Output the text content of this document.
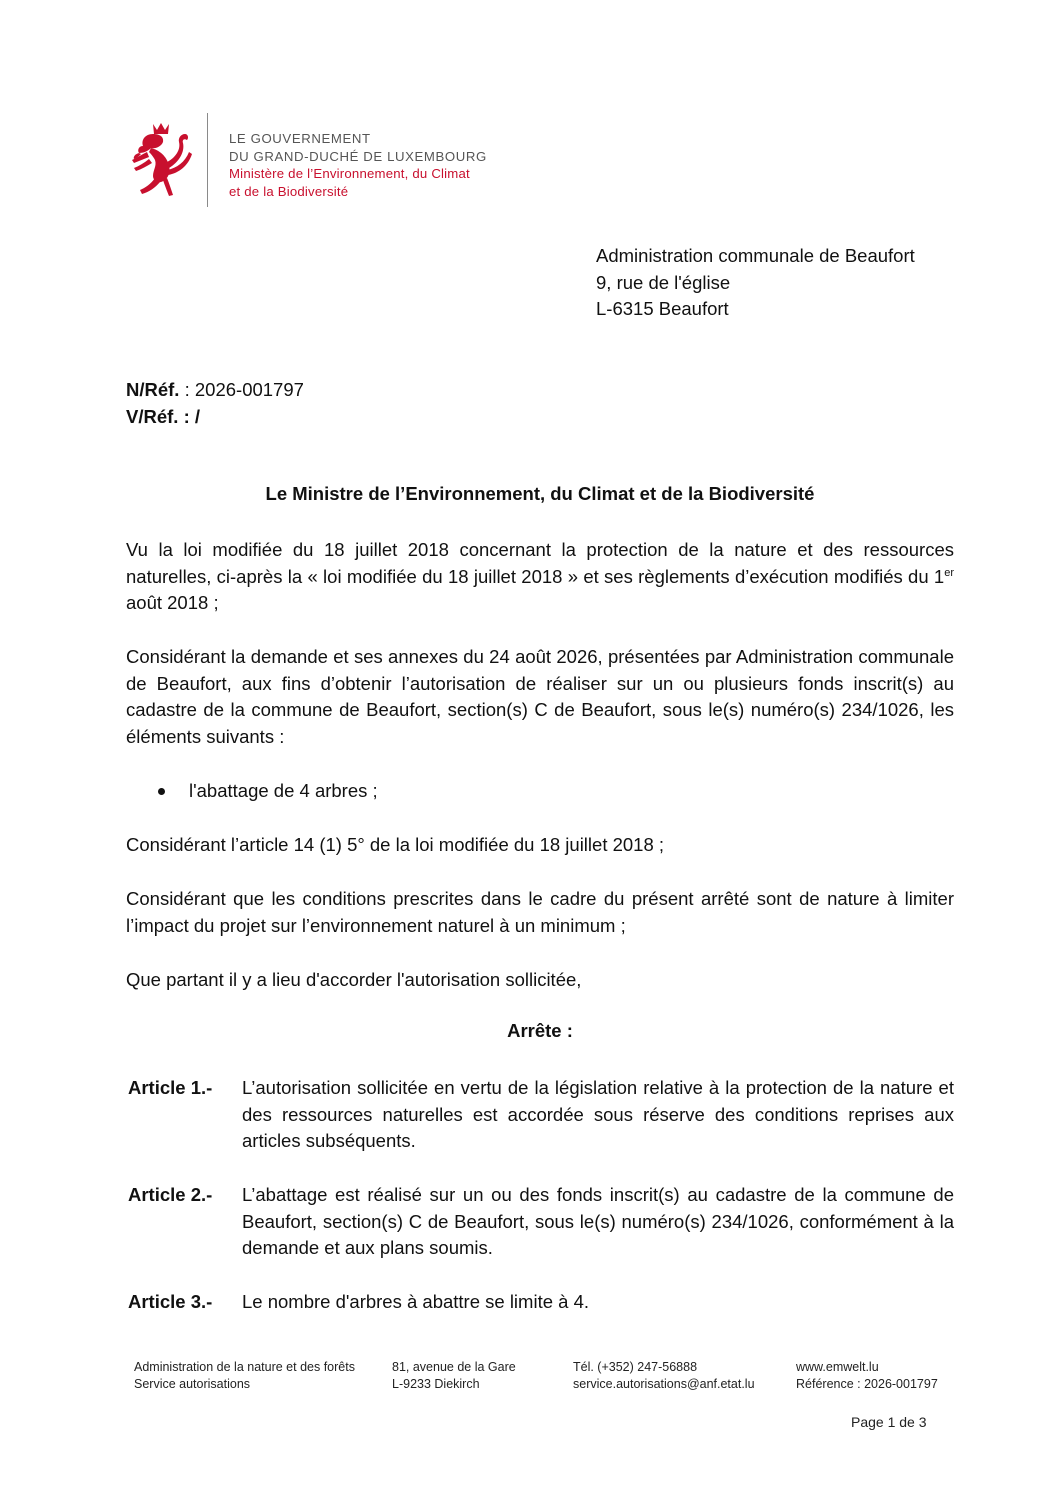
LE GOUVERNEMENT
DU GRAND-DUCHÉ DE LUXEMBOURG
Ministère de l’Environnement, du Climat
et de la Biodiversité
Administration communale de Beaufort
9, rue de l'église
L-6315 Beaufort
N/Réf. : 2026-001797
V/Réf. : /
Le Ministre de l’Environnement, du Climat et de la Biodiversité
Vu la loi modifiée du 18 juillet 2018 concernant la protection de la nature et des ressources naturelles, ci-après la « loi modifiée du 18 juillet 2018 » et ses règlements d’exécution modifiés du 1er août 2018 ;
Considérant la demande et ses annexes du 24 août 2026, présentées par Administration communale de Beaufort, aux fins d’obtenir l’autorisation de réaliser sur un ou plusieurs fonds inscrit(s) au cadastre de la commune de Beaufort, section(s) C de Beaufort, sous le(s) numéro(s) 234/1026, les éléments suivants :
l'abattage de 4 arbres ;
Considérant l’article 14 (1) 5° de la loi modifiée du 18 juillet 2018 ;
Considérant que les conditions prescrites dans le cadre du présent arrêté sont de nature à limiter l’impact du projet sur l’environnement naturel à un minimum ;
Que partant il y a lieu d'accorder l'autorisation sollicitée,
Arrête :
Article 1.- L’autorisation sollicitée en vertu de la législation relative à la protection de la nature et des ressources naturelles est accordée sous réserve des conditions reprises aux articles subséquents.
Article 2.- L’abattage est réalisé sur un ou des fonds inscrit(s) au cadastre de la commune de Beaufort, section(s) C de Beaufort, sous le(s) numéro(s) 234/1026, conformément à la demande et aux plans soumis.
Article 3.- Le nombre d'arbres à abattre se limite à 4.
Administration de la nature et des forêts
Service autorisations
81, avenue de la Gare
L-9233 Diekirch
Tél. (+352) 247-56888
service.autorisations@anf.etat.lu
www.emwelt.lu
Référence : 2026-001797
Page 1 de 3
